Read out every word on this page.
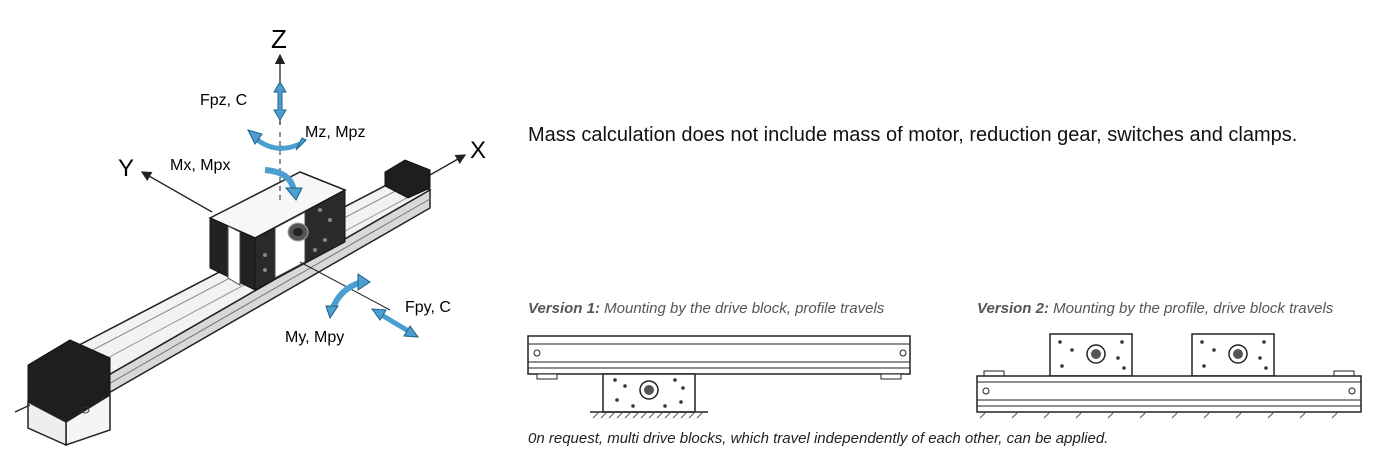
Z
X
Y
Fpz, C
Mz, Mpz
Mx, Mpx
My, Mpy
Fpy, C
Mass calculation does not include mass of motor, reduction gear, switches and clamps.
Version 1: Mounting by the drive block, profile travels	Version 2: Mounting by the profile, drive block travels
0n request, multi drive blocks, which travel independently of each other, can be applied.
